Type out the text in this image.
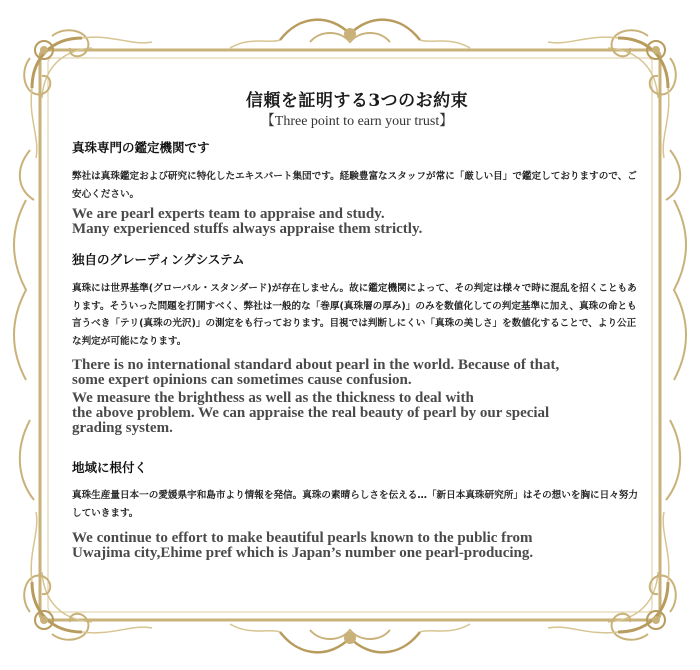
信頼を証明する3つのお約束
【Three point to earn your trust】
真珠専門の鑑定機関です
弊社は真珠鑑定および研究に特化したエキスパート集団です。経験豊富なスタッフが常に「厳しい目」で鑑定しておりますので、ご安心ください。
We are pearl experts team to appraise and study.
Many experienced stuffs always appraise them strictly.
独自のグレーディングシステム
真珠には世界基準(グローバル・スタンダード)が存在しません。故に鑑定機関によって、その判定は様々で時に混乱を招くこともあります。そういった問題を打開すべく、弊社は一般的な「巻厚(真珠層の厚み)」のみを数値化しての判定基準に加え、真珠の命とも言うべき「テリ(真珠の光沢)」の測定をも行っております。目視では判断しにくい「真珠の美しさ」を数値化することで、より公正な判定が可能になります。
There is no international standard about pearl in the world. Because of that,
some expert opinions can sometimes cause confusion.
We measure the brighthess as well as the thickness to deal with
the above problem. We can appraise the real beauty of pearl by our special
grading system.
地域に根付く
真珠生産量日本一の愛媛県宇和島市より情報を発信。真珠の素晴らしさを伝える…「新日本真珠研究所」はその想いを胸に日々努力していきます。
We continue to effort to make beautiful pearls known to the public from
Uwajima city,Ehime pref which is Japan’s number one pearl-producing.
